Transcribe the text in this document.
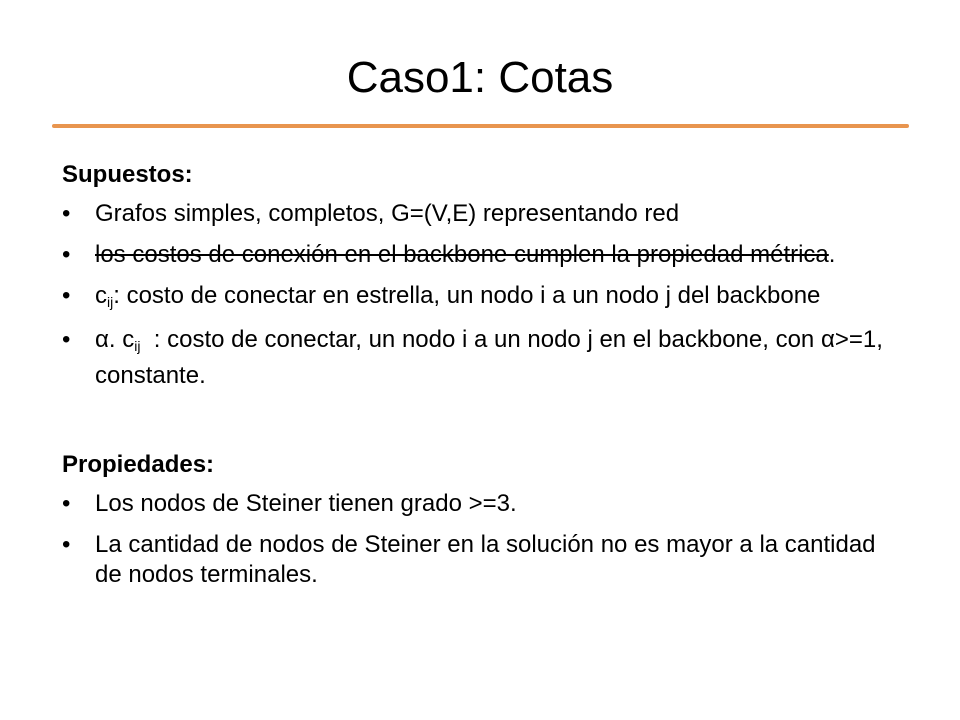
Caso1: Cotas
Supuestos:
• Grafos simples, completos, G=(V,E) representando red
• los costos de conexión en el backbone cumplen la propiedad métrica.
• $c_{ij}$: costo de conectar en estrella, un nodo i a un nodo j del backbone
• α. $c_{ij}$  : costo de conectar, un nodo i a un nodo j en el backbone, con α>=1, constante.
Propiedades:
• Los nodos de Steiner tienen grado >=3.
• La cantidad de nodos de Steiner en la solución no es mayor a la cantidad de nodos terminales.
